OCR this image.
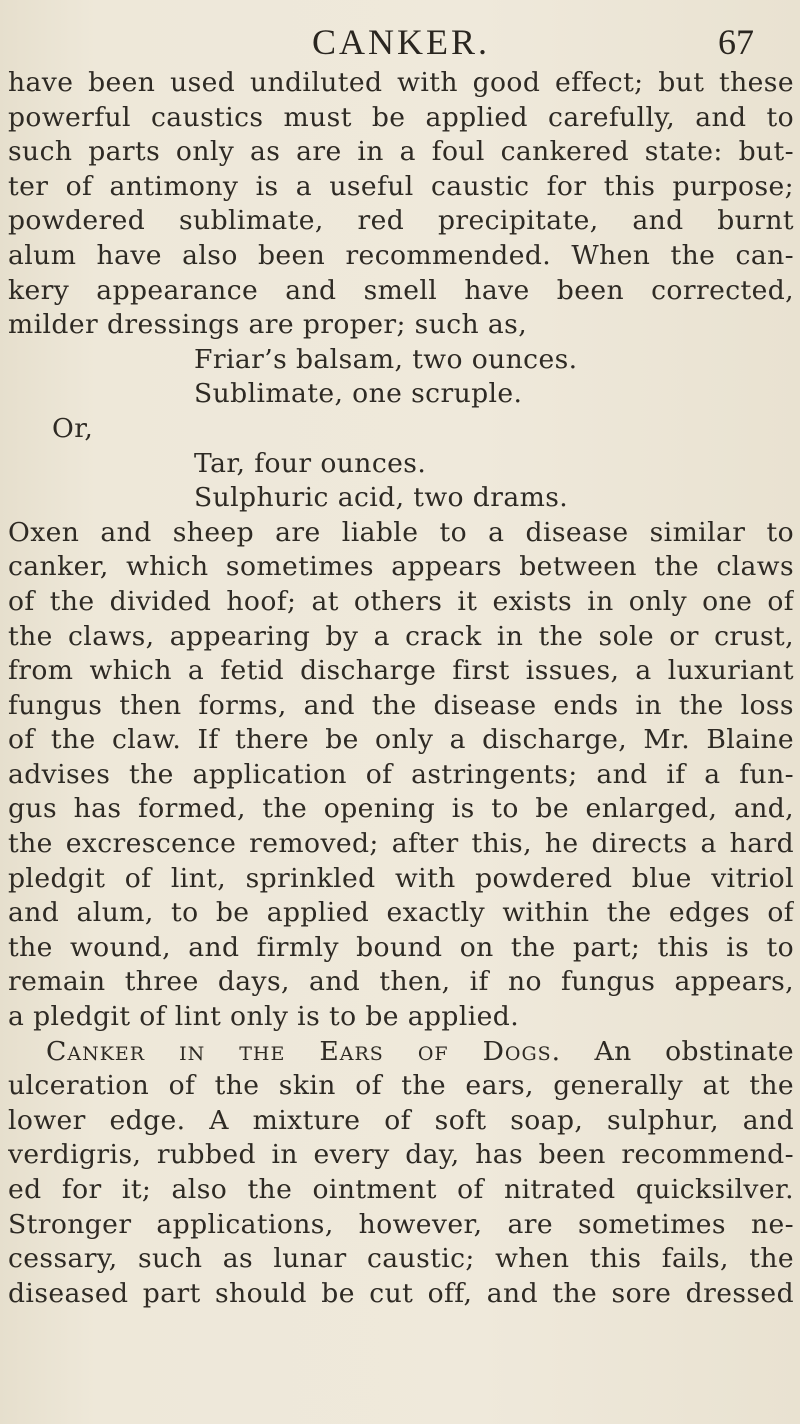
CANKER.	67
have been used undiluted with good effect; but these
powerful caustics must be applied carefully, and to
such parts only as are in a foul cankered state: but-
ter of antimony is a useful caustic for this purpose;
powdered sublimate, red precipitate, and burnt
alum have also been recommended. When the can-
kery appearance and smell have been corrected,
milder dressings are proper; such as,
Friar’s balsam, two ounces.
Sublimate, one scruple.
Or,
Tar, four ounces.
Sulphuric acid, two drams.
Oxen and sheep are liable to a disease similar to
canker, which sometimes appears between the claws
of the divided hoof; at others it exists in only one of
the claws, appearing by a crack in the sole or crust,
from which a fetid discharge first issues, a luxuriant
fungus then forms, and the disease ends in the loss
of the claw. If there be only a discharge, Mr. Blaine
advises the application of astringents; and if a fun-
gus has formed, the opening is to be enlarged, and,
the excrescence removed; after this, he directs a hard
pledgit of lint, sprinkled with powdered blue vitriol
and alum, to be applied exactly within the edges of
the wound, and firmly bound on the part; this is to
remain three days, and then, if no fungus appears,
a pledgit of lint only is to be applied.
Canker in the Ears of Dogs. An obstinate
ulceration of the skin of the ears, generally at the
lower edge. A mixture of soft soap, sulphur, and
verdigris, rubbed in every day, has been recommend-
ed for it; also the ointment of nitrated quicksilver.
Stronger applications, however, are sometimes ne-
cessary, such as lunar caustic; when this fails, the
diseased part should be cut off, and the sore dressed
